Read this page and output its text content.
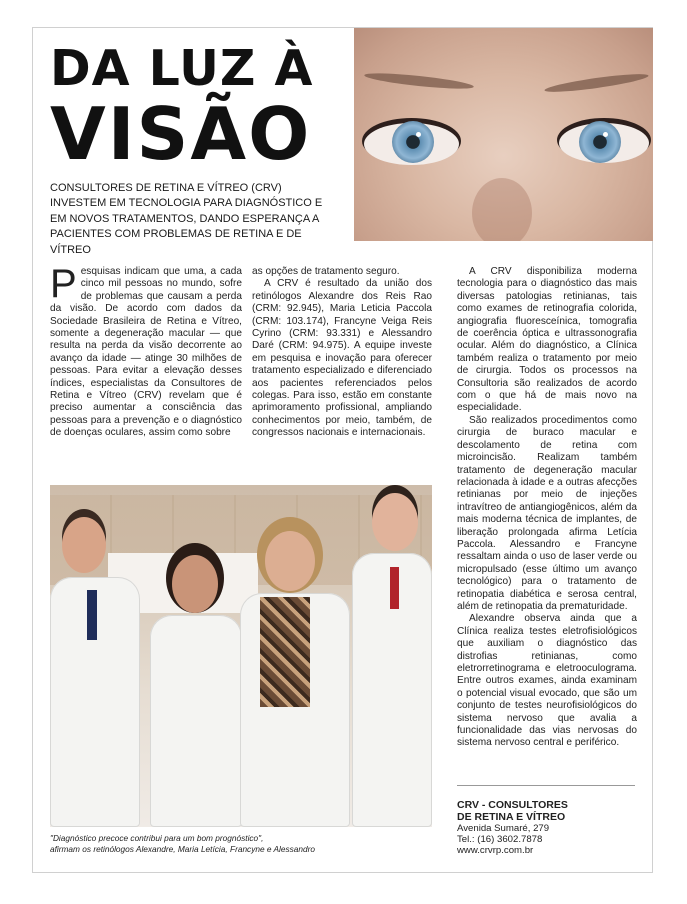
DA LUZ À
VISÃO

CONSULTORES DE RETINA E VÍTREO (CRV) INVESTEM EM TECNOLOGIA PARA DIAGNÓSTICO E EM NOVOS TRATAMENTOS, DANDO ESPERANÇA A PACIENTES COM PROBLEMAS DE RETINA E DE VÍTREO

Pesquisas indicam que uma, a cada cinco mil pessoas no mundo, sofre de problemas que causam a perda da visão. De acordo com dados da Sociedade Brasileira de Retina e Vítreo, somente a degeneração macular — que resulta na perda da visão decorrente ao avanço da idade — atinge 30 milhões de pessoas. Para evitar a elevação desses índices, especialistas da Consultores de Retina e Vítreo (CRV) revelam que é preciso aumentar a consciência das pessoas para a prevenção e o diagnóstico de doenças oculares, assim como sobre

as opções de tratamento seguro.

A CRV é resultado da união dos retinólogos Alexandre dos Reis Rao (CRM: 92.945), Maria Leticia Paccola (CRM: 103.174), Francyne Veiga Reis Cyrino (CRM: 93.331) e Alessandro Daré (CRM: 94.975). A equipe investe em pesquisa e inovação para oferecer tratamento especializado e diferenciado aos pacientes referenciados pelos colegas. Para isso, estão em constante aprimoramento profissional, ampliando conhecimentos por meio, também, de congressos nacionais e internacionais.

A CRV disponibiliza moderna tecnologia para o diagnóstico das mais diversas patologias retinianas, tais como exames de retinografia colorida, angiografia fluoresceínica, tomografia de coerência óptica e ultrassonografia ocular. Além do diagnóstico, a Clínica também realiza o tratamento por meio de cirurgia. Todos os processos na Consultoria são realizados de acordo com o que há de mais novo na especialidade.

São realizados procedimentos como cirurgia de buraco macular e descolamento de retina com microincisão. Realizam também tratamento de degeneração macular relacionada à idade e a outras afecções retinianas por meio de injeções intravítreo de antiangiogênicos, além da mais moderna técnica de implantes, de liberação prolongada afirma Letícia Paccola. Alessandro e Francyne ressaltam ainda o uso de laser verde ou micropulsado (esse último um avanço tecnológico) para o tratamento de retinopatia diabética e serosa central, além de retinopatia da prematuridade.

Alexandre observa ainda que a Clínica realiza testes eletrofisiológicos que auxiliam o diagnóstico das distrofias retinianas, como eletrorretinograma e eletrooculograma. Entre outros exames, ainda examinam o potencial visual evocado, que são um conjunto de testes neurofisiológicos do sistema nervoso que avalia a funcionalidade das vias nervosas do sistema nervoso central e periférico.

"Diagnóstico precoce contribui para um bom prognóstico",
afirmam os retinólogos Alexandre, Maria Letícia, Francyne e Alessandro

CRV - CONSULTORES

DE RETINA E VÍTREO

Avenida Sumaré, 279

Tel.: (16) 3602.7878

www.crvrp.com.br
